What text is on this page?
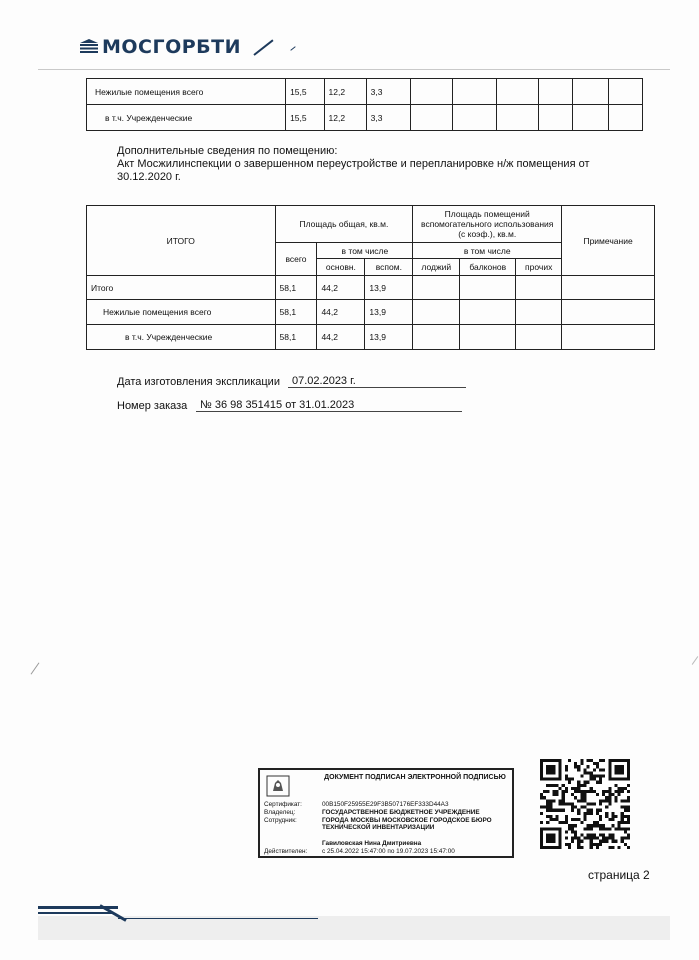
МОСГОРБТИ
Нежилые помещения всего	15,5	12,2	3,3						
в т.ч. Учрежденческие	15,5	12,2	3,3						
Дополнительные сведения по помещению:
Акт Мосжилинспекции о завершенном переустройстве и перепланировке н/ж помещения от 30.12.2020 г.
ИТОГО	Площадь общая, кв.м.			Площадь помещений вспомогательного использования (с коэф.), кв.м.			Примечание
	всего	в том числе		в том числе			
		основн.	вспом.	лоджий	балконов	прочих	
Итого	58,1	44,2	13,9				
Нежилые помещения всего	58,1	44,2	13,9				
в т.ч. Учрежденческие	58,1	44,2	13,9				
Дата изготовления экспликации	07.02.2023 г.
Номер заказа	№ 36 98 351415 от 31.01.2023
ДОКУМЕНТ ПОДПИСАН ЭЛЕКТРОННОЙ ПОДПИСЬЮ
Сертификат:	00B150F25955E29F3B507176EF333D44A3
Владелец:	ГОСУДАРСТВЕННОЕ БЮДЖЕТНОЕ УЧРЕЖДЕНИЕ ГОРОДА МОСКВЫ МОСКОВСКОЕ ГОРОДСКОЕ БЮРО ТЕХНИЧЕСКОЙ ИНВЕНТАРИЗАЦИИ
Сотрудник:
Гавиловская Нина Дмитриевна
Действителен: с 25.04.2022 15:47:00 по 19.07.2023 15:47:00
страница 2
